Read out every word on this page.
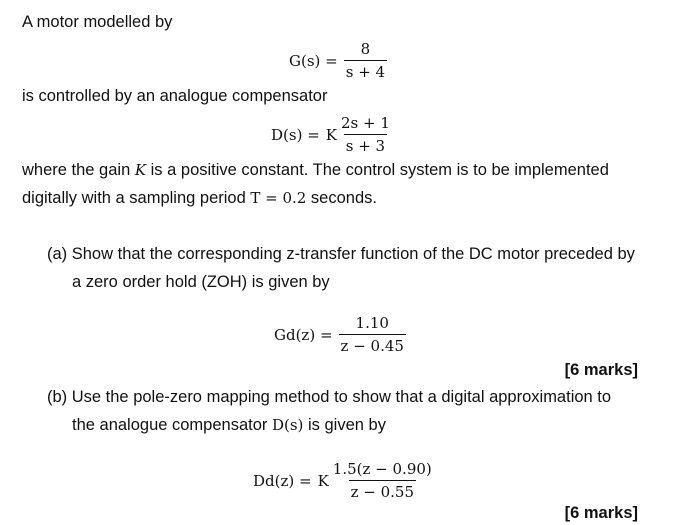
A motor modelled by
$G(s) = \frac{8}{s + 4}$
is controlled by an analogue compensator
D(s) = K $\frac{2s + 1}{s + 3}$
where the gain K is a positive constant. The control system is to be implemented
digitally with a sampling period T = 0.2 seconds.
(a) Show that the corresponding z-transfer function of the DC motor preceded by
a zero order hold (ZOH) is given by
$Gd(z) = \frac{1.10}{z - 0.45}$
[6 marks]
(b) Use the pole-zero mapping method to show that a digital approximation to
the analogue compensator D(s) is given by
Dd(z) = K $\frac{1.5(z - 0.90)}{z - 0.55}$
[6 marks]
